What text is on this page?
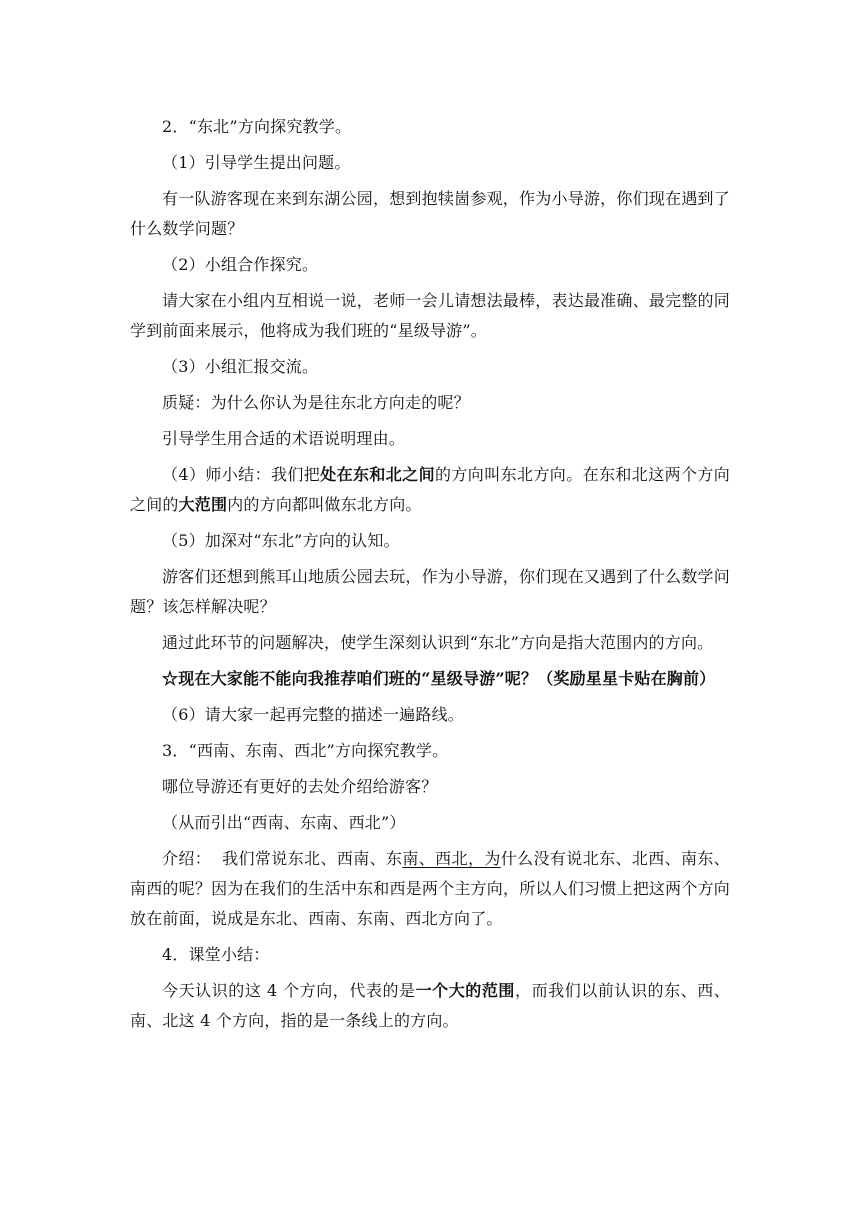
2．“东北”方向探究教学。

（1）引导学生提出问题。

有一队游客现在来到东湖公园，想到抱犊崮参观，作为小导游，你们现在遇到了什么数学问题？

（2）小组合作探究。

请大家在小组内互相说一说，老师一会儿请想法最棒，表达最准确、最完整的同学到前面来展示，他将成为我们班的“星级导游”。

（3）小组汇报交流。

质疑：为什么你认为是往东北方向走的呢？

引导学生用合适的术语说明理由。

（4）师小结：我们把处在东和北之间的方向叫东北方向。在东和北这两个方向之间的大范围内的方向都叫做东北方向。

（5）加深对“东北”方向的认知。

游客们还想到熊耳山地质公园去玩，作为小导游，你们现在又遇到了什么数学问题？该怎样解决呢？

通过此环节的问题解决，使学生深刻认识到“东北”方向是指大范围内的方向。

☆现在大家能不能向我推荐咱们班的“星级导游”呢？（奖励星星卡贴在胸前）

（6）请大家一起再完整的描述一遍路线。

3．“西南、东南、西北”方向探究教学。

哪位导游还有更好的去处介绍给游客？

（从而引出“西南、东南、西北”）

介绍：  我们常说东北、西南、东南、西北，为什么没有说北东、北西、南东、南西的呢？因为在我们的生活中东和西是两个主方向，所以人们习惯上把这两个方向放在前面，说成是东北、西南、东南、西北方向了。

4．课堂小结：

今天认识的这 4 个方向，代表的是一个大的范围，而我们以前认识的东、西、南、北这 4 个方向，指的是一条线上的方向。
